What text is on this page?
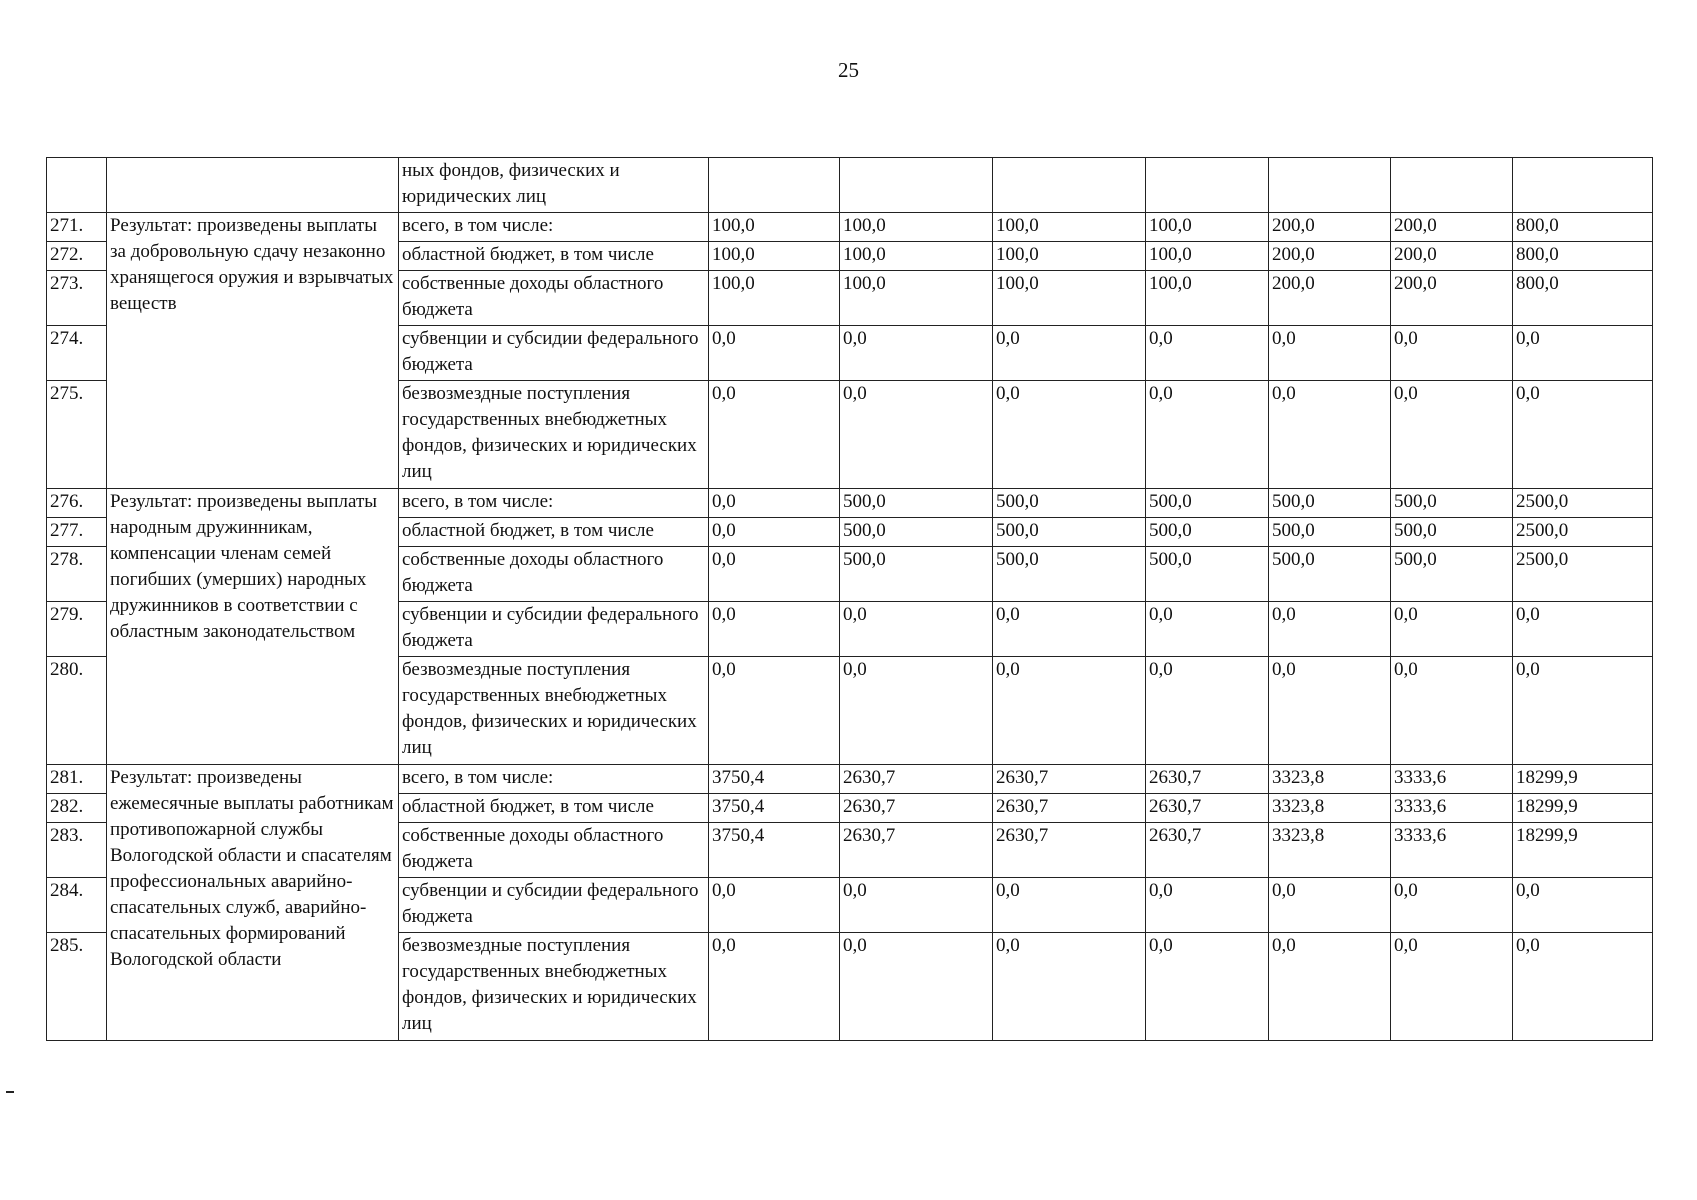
25
		ных фондов, физических и юридических лиц							
271.	Результат: произведены выплаты за добровольную сдачу незаконно хранящегося оружия и взрывчатых веществ	всего, в том числе:	100,0	100,0	100,0	100,0	200,0	200,0	800,0
272.		областной бюджет, в том числе	100,0	100,0	100,0	100,0	200,0	200,0	800,0
273.		собственные доходы областного бюджета	100,0	100,0	100,0	100,0	200,0	200,0	800,0
274.		субвенции и субсидии федерального бюджета	0,0	0,0	0,0	0,0	0,0	0,0	0,0
275.		безвозмездные поступления государственных внебюджетных фондов, физических и юридических лиц	0,0	0,0	0,0	0,0	0,0	0,0	0,0
276.	Результат: произведены выплаты народным дружинникам, компенсации членам семей погибших (умерших) народных дружинников в соответствии с областным законодательством	всего, в том числе:	0,0	500,0	500,0	500,0	500,0	500,0	2500,0
277.		областной бюджет, в том числе	0,0	500,0	500,0	500,0	500,0	500,0	2500,0
278.		собственные доходы областного бюджета	0,0	500,0	500,0	500,0	500,0	500,0	2500,0
279.		субвенции и субсидии федерального бюджета	0,0	0,0	0,0	0,0	0,0	0,0	0,0
280.		безвозмездные поступления государственных внебюджетных фондов, физических и юридических лиц	0,0	0,0	0,0	0,0	0,0	0,0	0,0
281.	Результат: произведены ежемесячные выплаты работникам противопожарной службы Вологодской области и спасателям профессиональных аварийно-спасательных служб, аварийно-спасательных формирований Вологодской области	всего, в том числе:	3750,4	2630,7	2630,7	2630,7	3323,8	3333,6	18299,9
282.		областной бюджет, в том числе	3750,4	2630,7	2630,7	2630,7	3323,8	3333,6	18299,9
283.		собственные доходы областного бюджета	3750,4	2630,7	2630,7	2630,7	3323,8	3333,6	18299,9
284.		субвенции и субсидии федерального бюджета	0,0	0,0	0,0	0,0	0,0	0,0	0,0
285.		безвозмездные поступления государственных внебюджетных фондов, физических и юридических лиц	0,0	0,0	0,0	0,0	0,0	0,0	0,0
